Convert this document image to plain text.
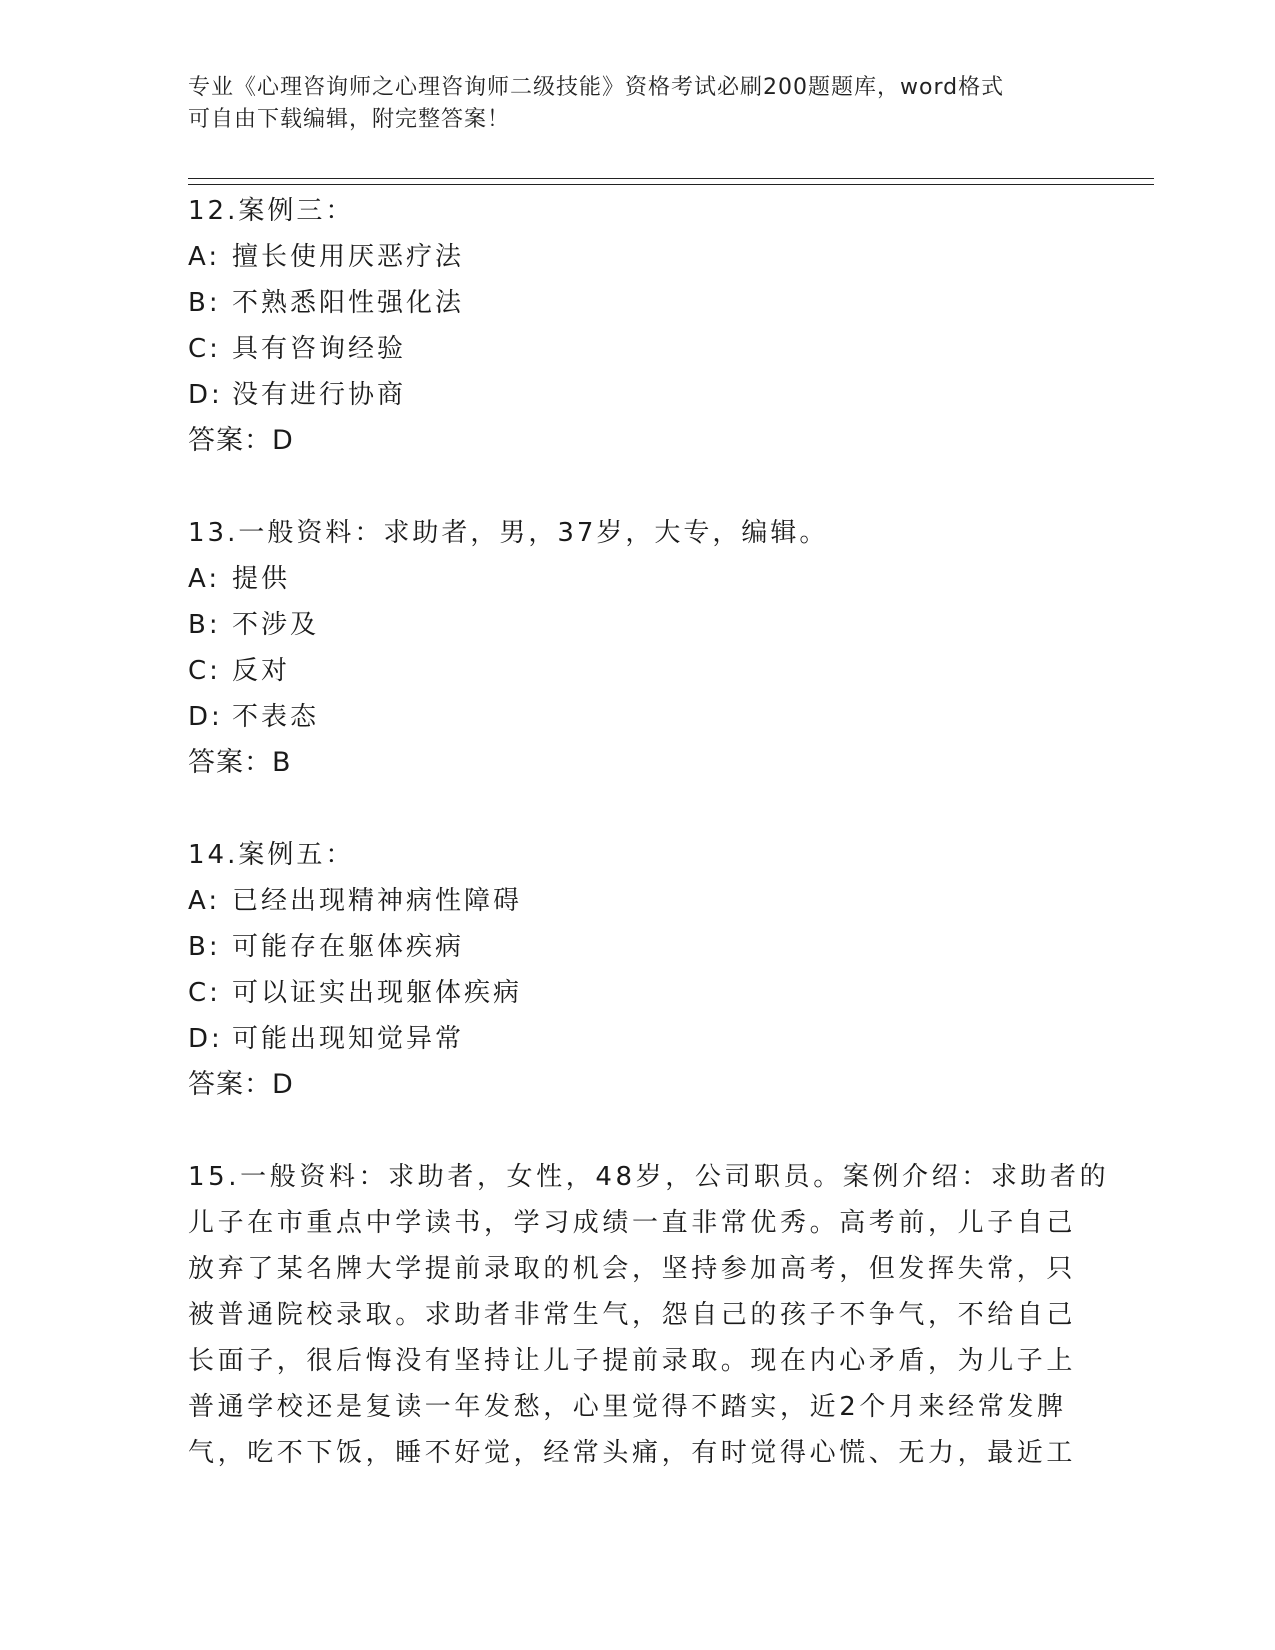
专业《心理咨询师之心理咨询师二级技能》资格考试必刷200题题库，word格式
可自由下载编辑，附完整答案！
12.案例三：
A: 擅长使用厌恶疗法
B: 不熟悉阳性强化法
C: 具有咨询经验
D: 没有进行协商
答案：D
13.一般资料：求助者，男，37岁，大专，编辑。
A: 提供
B: 不涉及
C: 反对
D: 不表态
答案：B
14.案例五：
A: 已经出现精神病性障碍
B: 可能存在躯体疾病
C: 可以证实出现躯体疾病
D: 可能出现知觉异常
答案：D
15.一般资料：求助者，女性，48岁，公司职员。案例介绍：求助者的
儿子在市重点中学读书，学习成绩一直非常优秀。高考前，儿子自己
放弃了某名牌大学提前录取的机会，坚持参加高考，但发挥失常，只
被普通院校录取。求助者非常生气，怨自己的孩子不争气，不给自己
长面子，很后悔没有坚持让儿子提前录取。现在内心矛盾，为儿子上
普通学校还是复读一年发愁，心里觉得不踏实，近2个月来经常发脾
气，吃不下饭，睡不好觉，经常头痛，有时觉得心慌、无力，最近工
